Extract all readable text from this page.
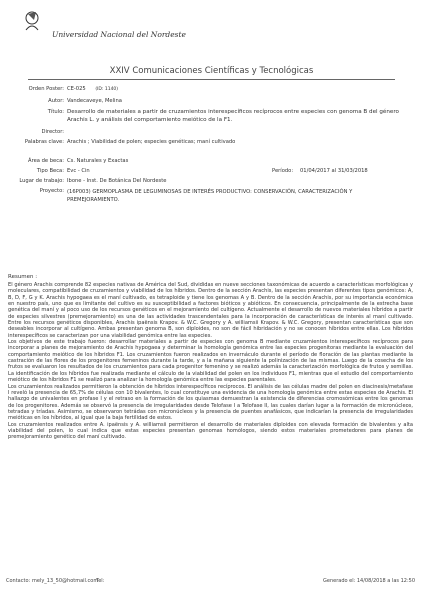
Universidad Nacional del Nordeste
XXIV Comunicaciones Científicas y Tecnológicas
Orden Poster: CE-025 (ID: 1140)
Autor: Vandecaveye, Melina
Título: Desarrollo de materiales a partir de cruzamientos interespecíficos recíprocos entre especies con genoma B del género Arachis L. y análisis del comportamiento meiótico de la F1.
Director:
Palabras clave: Arachis ; Viabilidad de polen; especies genéticas; maní cultivado
Área de beca: Cs. Naturales y Exactas
Tipo Beca: Evc - Cin	Período: 01/04/2017 al 31/03/2018
Lugar de trabajo: Ibone - Inst. De Botánica Del Nordeste
Proyecto: (16P003) GERMOPLASMA DE LEGUMINOSAS DE INTERÉS PRODUCTIVO: CONSERVACIÓN, CARACTERIZACIÓN Y PREMEJORAMIENTO.
Resumen :

El género Arachis comprende 82 especies nativas de América del Sud, divididas en nueve secciones taxonómicas de acuerdo a características morfológicas y moleculares, compatibilidad de cruzamientos y viabilidad de los híbridos. Dentro de la sección Arachis, las especies presentan diferentes tipos genómicos: A, B, D, F, G y K. Arachis hypogaea es el maní cultivado, es tetraploide y tiene los genomas A y B. Dentro de la sección Arachis, por su importancia económica en nuestro país, uno que es limitante del cultivo es su susceptibilidad a factores bióticos y abióticos. En consecuencia, principalmente de la estrecha base genética del maní y al poco uso de los recursos genéticos en el mejoramiento del cultígeno. Actualmente el desarrollo de nuevos materiales híbridos a partir de especies silvestres (premejoramiento) es una de las actividades trascendentales para la incorporación de características de interés al maní cultivado. Entre los recursos genéticos disponibles, Arachis ipaënsis Krapov. & W.C. Gregory y A. williamsii Krapov. & W.C. Gregory, presentan características que son deseables incorporar al cultígeno. Ambas presentan genoma B, son diploides, no son de fácil hibridación y no se conocen híbridos entre ellas. Los híbridos interespecíficos se caracterizan por una viabilidad genómica entre las especies.

Los objetivos de este trabajo fueron: desarrollar materiales a partir de especies con genoma B mediante cruzamientos interespecíficos recíprocos para incorporar a planes de mejoramiento de Arachis hypogaea y determinar la homología genómica entre las especies progenitoras mediante la evaluación del comportamiento meiótico de los híbridos F1. Los cruzamientos fueron realizados en invernáculo durante el período de floración de las plantas mediante la castración de las flores de los progenitores femeninos durante la tarde, y a la mañana siguiente la polinización de las mismas. Luego de la cosecha de los frutos se evaluaron los resultados de los cruzamientos para cada progenitor femenino y se realizó además la caracterización morfológica de frutos y semillas. La identificación de los híbridos fue realizada mediante el cálculo de la viabilidad del polen en los individuos F1, mientras que el estudio del comportamiento meiótico de los híbridos F1 se realizó para analizar la homología genómica entre las especies parentales.

Los cruzamientos realizados permitieron la obtención de híbridos interespecíficos recíprocos. El análisis de las células madre del polen en diacinesis/metafase I reveló la presencia de 65,7% de células con 10 bivalentes, lo cual constituye una evidencia de una homología genómica entre estas especies de Arachis. El hallazgo de univalentes en profase I y el retraso en la formación de los quiasmas demuestran la existencia de diferencias cromosómicas entre los genomas de los progenitores. Además se observó la presencia de irregularidades desde Telofase I a Telofase II, las cuales darían lugar a la formación de micronúcleos, tetradas y tríadas. Asimismo, se observaron tetrádas con micronúcleos y la presencia de puentes anafásicos, que indicarían la presencia de irregularidades meióticas en los híbridos, al igual que la baja fertilidad de estos.

Los cruzamientos realizados entre A. ipaënsis y A. williamsii permitieron el desarrollo de materiales diploides con elevada formación de bivalentes y alta viabilidad del polen, lo cual indica que estas especies presentan genomas homólogos, siendo estos materiales prometedores para planes de premejoramiento genético del maní cultivado.

Contacto: mely_13_50@hotmail.com
Tel:	Generado el: 14/08/2018 a las 12:50
